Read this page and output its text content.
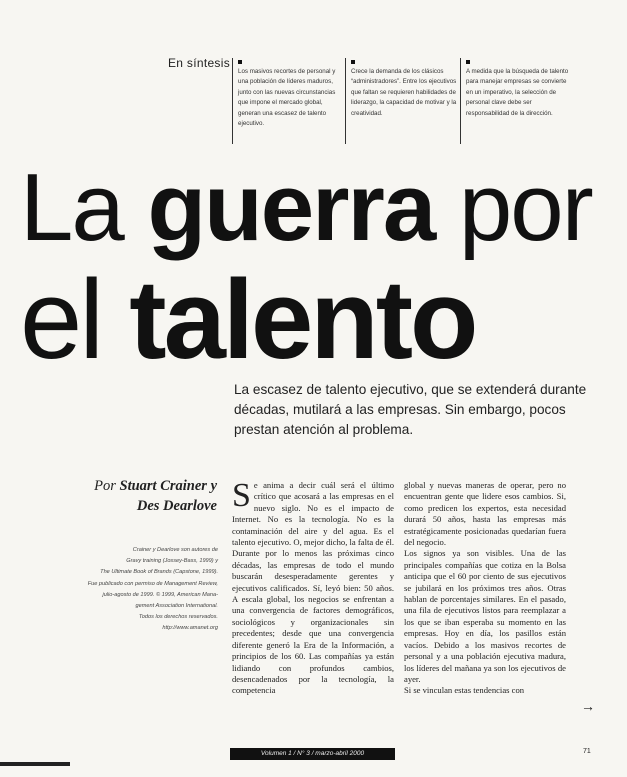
En síntesis
Los masivos recortes de personal y una población de líderes maduros, junto con las nuevas circunstancias que impone el mercado global, generan una escasez de talento ejecutivo.
Crece la demanda de los clásicos “administradores”. Entre los ejecutivos que faltan se requieren habilidades de liderazgo, la capacidad de motivar y la creatividad.
A medida que la búsqueda de talento para manejar empresas se convierte en un imperativo, la selección de personal clave debe ser responsabilidad de la dirección.
La guerra por
el talento
La escasez de talento ejecutivo, que se extenderá durante décadas, mutilará a las empresas. Sin embargo, pocos prestan atención al problema.
Por Stuart Crainer y
Des Dearlove
Crainer y Dearlove son autores de
Gravy training (Jossey-Bass, 1999) y
The Ultimate Book of Brands (Capstone, 1999).
Fue publicado con permiso de Management Review,
julio-agosto de 1999. © 1999, American Mana-
gement Association International.
Todos los derechos reservados.
http://www.amanet.org

Se anima a decir cuál será el último crítico que acosará a las empresas en el nuevo siglo. No es el impacto de Internet. No es la tecnología. No es la contaminación del aire y del agua. Es el talento ejecutivo. O, mejor dicho, la falta de él. Durante por lo menos las próximas cinco décadas, las empresas de todo el mundo buscarán desesperadamente gerentes y ejecutivos calificados. Sí, leyó bien: 50 años. A escala global, los negocios se enfrentan a una convergencia de factores demográficos, sociológicos y organizacionales sin precedentes; desde que una convergencia diferente generó la Era de la Información, a principios de los 60. Las compañías ya están lidiando con profundos cambios, desencadenados por la tecnología, la competencia

global y nuevas maneras de operar, pero no encuentran gente que lidere esos cambios. Si, como predicen los expertos, esta necesidad durará 50 años, hasta las empresas más estratégicamente posicionadas quedarían fuera del negocio.

Los signos ya son visibles. Una de las principales compañías que cotiza en la Bolsa anticipa que el 60 por ciento de sus ejecutivos se jubilará en los próximos tres años. Otras hablan de porcentajes similares. En el pasado, una fila de ejecutivos listos para reemplazar a los que se iban esperaba su momento en las empresas. Hoy en día, los pasillos están vacíos. Debido a los masivos recortes de personal y a una población ejecutiva madura, los líderes del mañana ya son los ejecutivos de ayer.

Si se vinculan estas tendencias con

→
Volumen 1 / N° 3 / marzo-abril 2000	71
